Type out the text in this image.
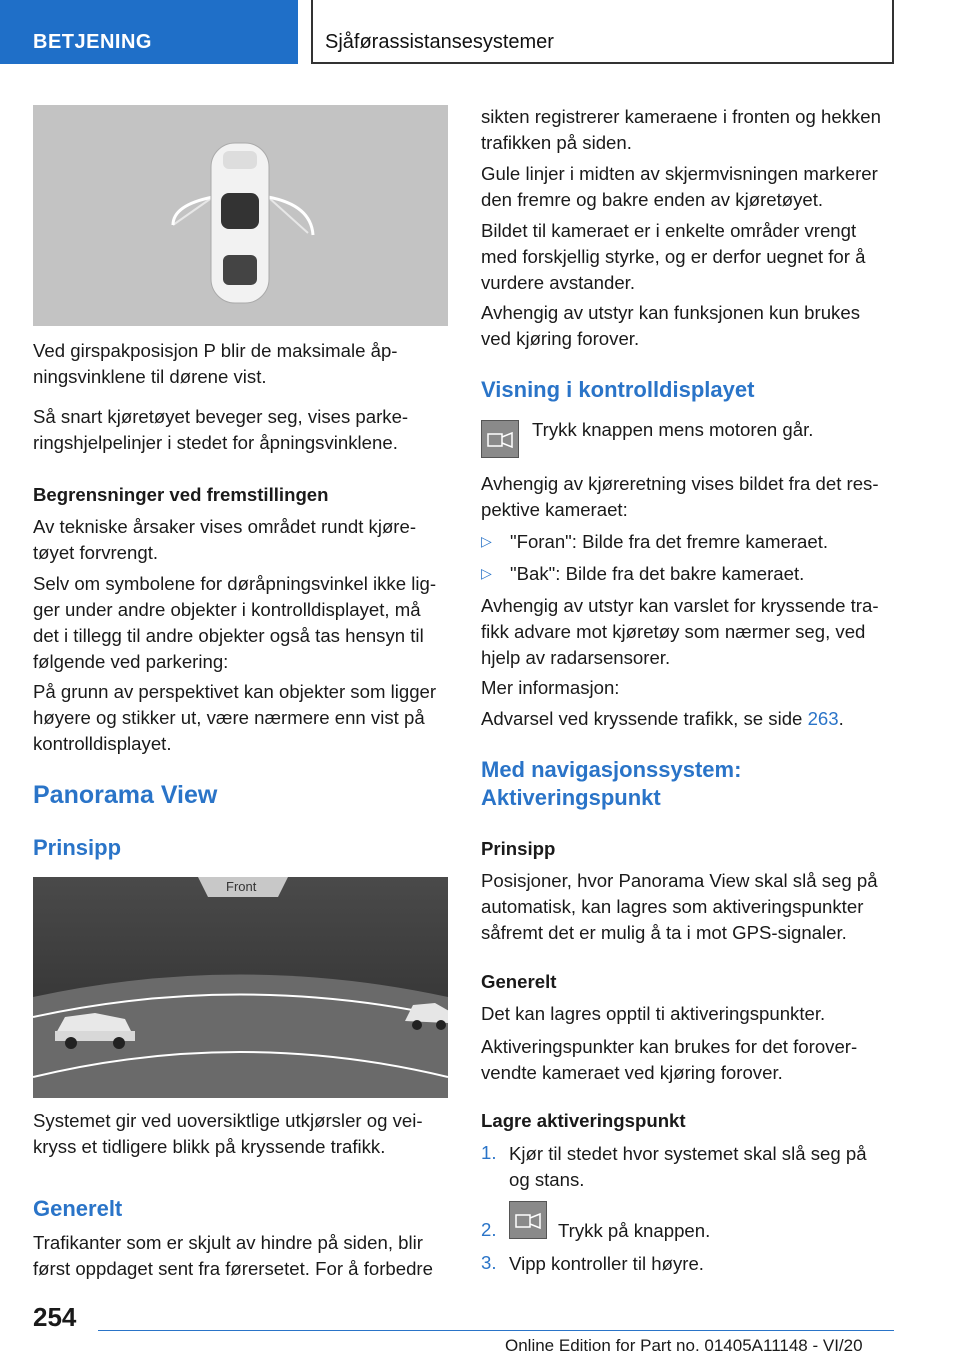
BETJENING	Sjåførassistansesystemer

Ved girspakposisjon P blir de maksimale åp-
ningsvinklene til dørene vist.

Så snart kjøretøyet beveger seg, vises parke-
ringshjelpelinjer i stedet for åpningsvinklene.

Begrensninger ved fremstillingen

Av tekniske årsaker vises området rundt kjøre-
tøyet forvrengt.

Selv om symbolene for døråpningsvinkel ikke lig-
ger under andre objekter i kontrolldisplayet, må
det i tillegg til andre objekter også tas hensyn til
følgende ved parkering:

På grunn av perspektivet kan objekter som ligger
høyere og stikker ut, være nærmere enn vist på
kontrolldisplayet.

Panorama View
Prinsipp
Front

Systemet gir ved uoversiktlige utkjørsler og vei-
kryss et tidligere blikk på kryssende trafikk.

Generelt

Trafikanter som er skjult av hindre på siden, blir
først oppdaget sent fra førersetet. For å forbedre

sikten registrerer kameraene i fronten og hekken
trafikken på siden.

Gule linjer i midten av skjermvisningen markerer
den fremre og bakre enden av kjøretøyet.

Bildet til kameraet er i enkelte områder vrengt
med forskjellig styrke, og er derfor uegnet for å
vurdere avstander.

Avhengig av utstyr kan funksjonen kun brukes
ved kjøring forover.

Visning i kontrolldisplayet

Trykk knappen mens motoren går.

Avhengig av kjøreretning vises bildet fra det res-
pektive kameraet:

▷ "Foran": Bilde fra det fremre kameraet.

▷ "Bak": Bilde fra det bakre kameraet.

Avhengig av utstyr kan varslet for kryssende tra-
fikk advare mot kjøretøy som nærmer seg, ved
hjelp av radarsensorer.

Mer informasjon:

Advarsel ved kryssende trafikk, se side 263.

Med navigasjonssystem:
Aktiveringspunkt

Prinsipp

Posisjoner, hvor Panorama View skal slå seg på
automatisk, kan lagres som aktiveringspunkter
såfremt det er mulig å ta i mot GPS-signaler.

Generelt

Det kan lagres opptil ti aktiveringspunkter.

Aktiveringspunkter kan brukes for det forover-
vendte kameraet ved kjøring forover.

Lagre aktiveringspunkt

1. Kjør til stedet hvor systemet skal slå seg på
og stans.

2.	Trykk på knappen.

3. Vipp kontroller til høyre.

254
Online Edition for Part no. 01405A11148 - VI/20
